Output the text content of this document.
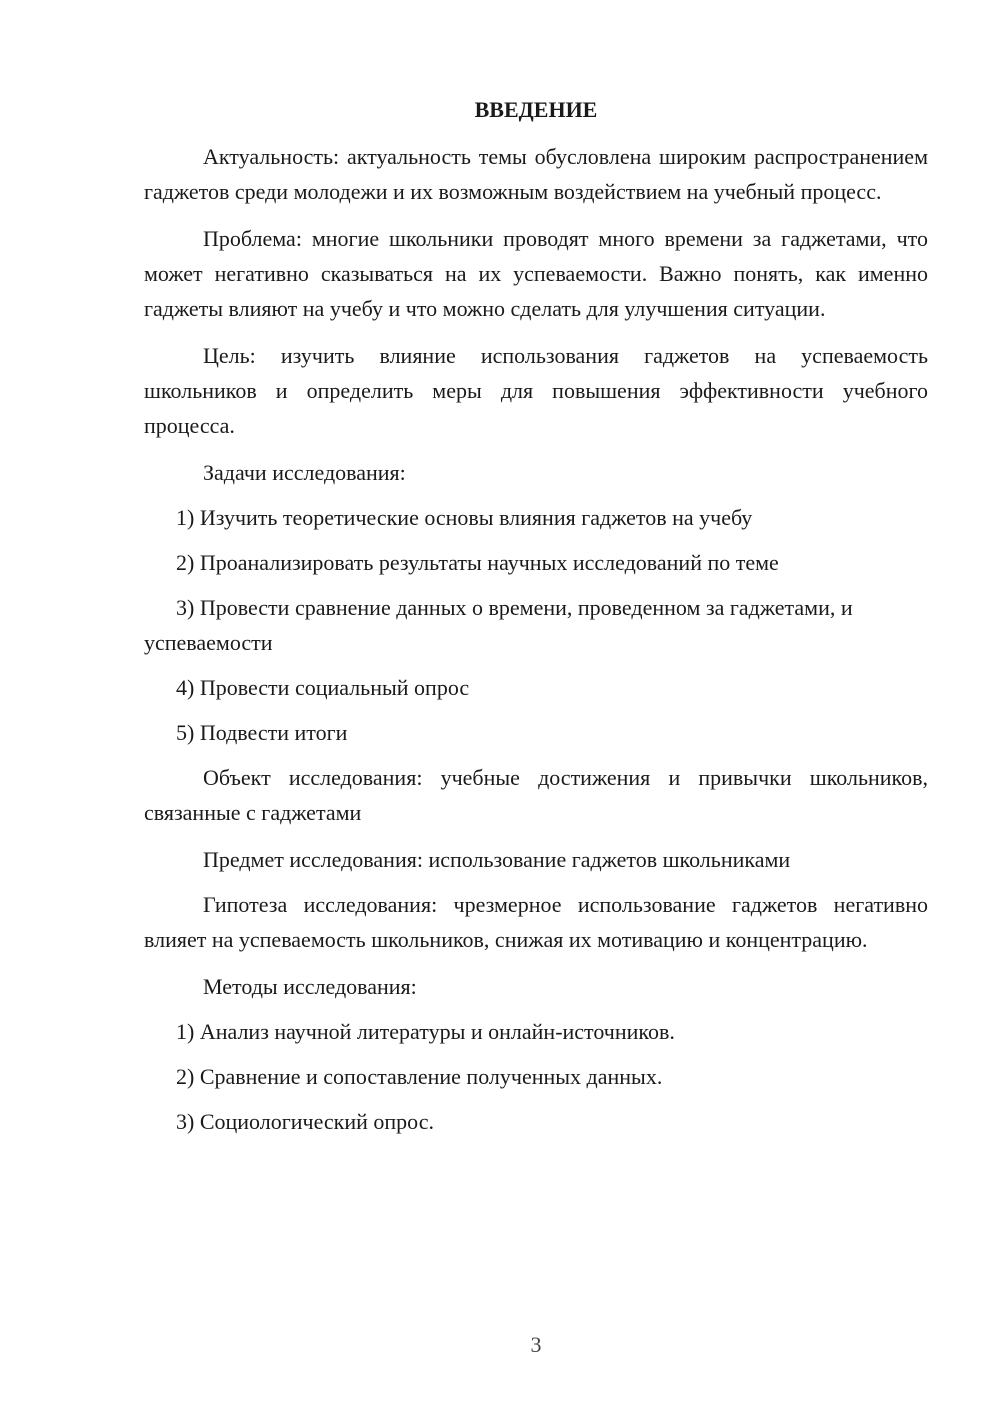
ВВЕДЕНИЕ
Актуальность: актуальность темы обусловлена широким распространением гаджетов среди молодежи и их возможным воздействием на учебный процесс.
Проблема: многие школьники проводят много времени за гаджетами, что может негативно сказываться на их успеваемости. Важно понять, как именно гаджеты влияют на учебу и что можно сделать для улучшения ситуации.
Цель: изучить влияние использования гаджетов на успеваемость школьников и определить меры для повышения эффективности учебного процесса.
Задачи исследования:
1) Изучить теоретические основы влияния гаджетов на учебу
2) Проанализировать результаты научных исследований по теме
3) Провести сравнение данных о времени, проведенном за гаджетами, и успеваемости
4) Провести социальный опрос
5) Подвести итоги
Объект исследования: учебные достижения и привычки школьников, связанные с гаджетами
Предмет исследования: использование гаджетов школьниками
Гипотеза исследования: чрезмерное использование гаджетов негативно влияет на успеваемость школьников, снижая их мотивацию и концентрацию.
Методы исследования:
1) Анализ научной литературы и онлайн-источников.
2) Сравнение и сопоставление полученных данных.
3) Социологический опрос.
3
